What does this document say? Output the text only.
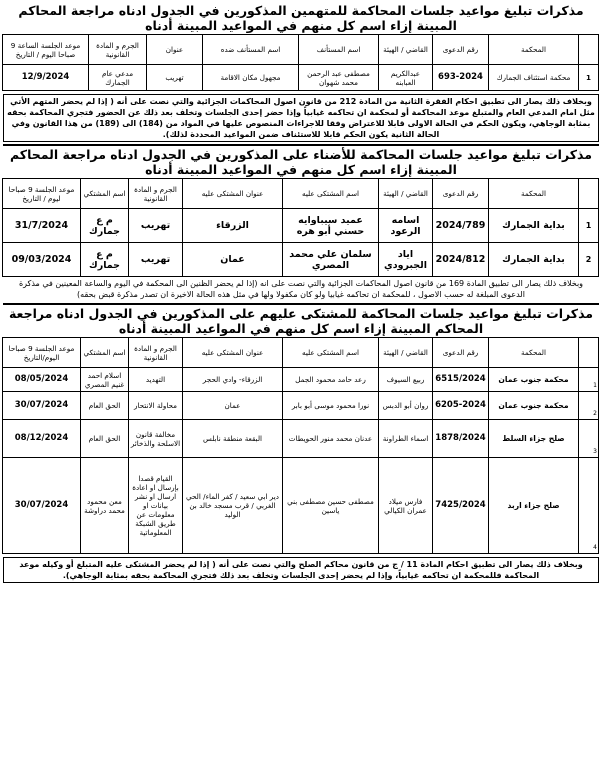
مذكرات تبليغ مواعيد جلسات المحاكمة للمتهمين المذكورين في الجدول ادناه مراجعة المحاكم المبينة إزاء اسم كل منهم في المواعيد المبينة أدناه
	المحكمة	رقم الدعوى	القاضي / الهيئة	اسم المستأنف	اسم المستأنف ضده	عنوان	الجرم و المادة القانونية	موعد الجلسة الساعة 9 صباحا اليوم / التاريخ
1	محكمة استئناف الجمارك	693-2024	عبدالكريم العبابنه	مصطفى عبد الرحمن محمد شهوان	مجهول مكان الاقامة	تهريب	مدعي عام الجمارك	12/9/2024
وبخلاف ذلك يصار الى تطبيق احكام الفقرة الثانية من المادة 212 من قانون اصول المحاكمات الجزائية والتي نصت على أنه ( إذا لم يحضر المتهم الأتي مثل امام المدعي العام والمتبلغ موعد المحاكمة أو لمحكمة ان تحاكمه غيابياً وإذا حضر إحدى الجلسات وتخلف بعد ذلك عن الحضور فتجري المحاكمة بحقه بمثابة الوجاهي، ويكون الحكم في الحالة الاولى قابلا للاعتراض وفقا للاجراءات المنصوص عليها في المواد من (184) الى (189) من هذا القانون وفي الحالة الثانية يكون الحكم قابلا للاستئناف ضمن المواعيد المحددة لذلك).
مذكرات تبليغ مواعيد جلسات المحاكمة للأضناء على المذكورين في الجدول ادناه مراجعة المحاكم المبينة إزاء اسم كل منهم في المواعيد المبينة أدناه
	المحكمة	رقم الدعوى	القاضي / الهيئة	اسم المشتكى عليه	عنوان المشتكى عليه	الجرم و المادة القانونية	اسم المشتكي	موعد الجلسة 9 صباحا ليوم / التاريخ
1	بداية الجمارك	2024/789	اسامه الرعود	عميد سيباوايه حسني أبو هره	الزرقاء	تهريب	م ع جمارك	31/7/2024
2	بداية الجمارك	2024/812	اياد الجبرودي	سلمان علي محمد المصري	عمان	تهريب	م ع جمارك	09/03/2024
وبخلاف ذلك يصار الى تطبيق المادة 169 من قانون اصول المحاكمات الجزائية والتي نصت على انه (إذا لم يحضر الظنين الى المحكمة في اليوم والساعة المعينين في مذكرة الدعوى المبلغة له حسب الاصول ، للمحكمة ان تحاكمه غيابيا ولو كان مكفولا ولها في مثل هذه الحالة الاخيرة ان تصدر مذكرة قبض بحقه)
مذكرات تبليغ مواعيد جلسات المحاكمة للمشتكى عليهم على المذكورين في الجدول ادناه مراجعة المحاكم المبينة إزاء اسم كل منهم في المواعيد المبينة أدناه
	المحكمة	رقم الدعوى	القاضي / الهيئة	اسم المشتكى عليه	عنوان المشتكى عليه	الجرم و المادة القانونية	اسم المشتكي	موعد الجلسة 9 صباحا اليوم/التاريخ
1	محكمة جنوب عمان	6515/2024	ربيع السيوف	رعد حامد محمود الجمل	الزرقاء- وادي الحجر	التهديد	اسلام احمد غنيم المصري	08/05/2024
2	محكمة جنوب عمان	6205-2024	روان أبو الدبس	نورا محمود موسى أبو بابر	عمان	محاولة الانتحار	الحق العام	30/07/2024
3	صلح جزاء السلط	1878/2024	اسماء الطراونة	عدنان محمد منور الحويطات	البقعة منطقة نابلس	مخالفة قانون الاسلحة والذخائر	الحق العام	08/12/2024
4	صلح جزاء اربد	7425/2024	فارس ميلاد عمران الكيالي	مصطفى حسين مصطفى بني ياسين	دير ابي سعيد / كفر الماء/ الحي الغربي / قرب مسجد خالد بن الوليد	القيام قصدا بإرسال او اعادة ارسال او نشر بيانات او معلومات عن طريق الشبكة المعلوماتية	معن محمود محمد دراوشة	30/07/2024
وبخلاف ذلك يصار الى تطبيق احكام المادة 11 / ج من قانون محاكم الصلح والتي نصت على أنه ( إذا لم يحضر المشتكى عليه المتبلغ أو وكيله موعد المحاكمة فللمحكمة ان تحاكمه غيابياً، وإذا لم يحضر إحدى الجلسات وتخلف بعد ذلك فتجري المحاكمة بحقه بمثابة الوجاهي).
